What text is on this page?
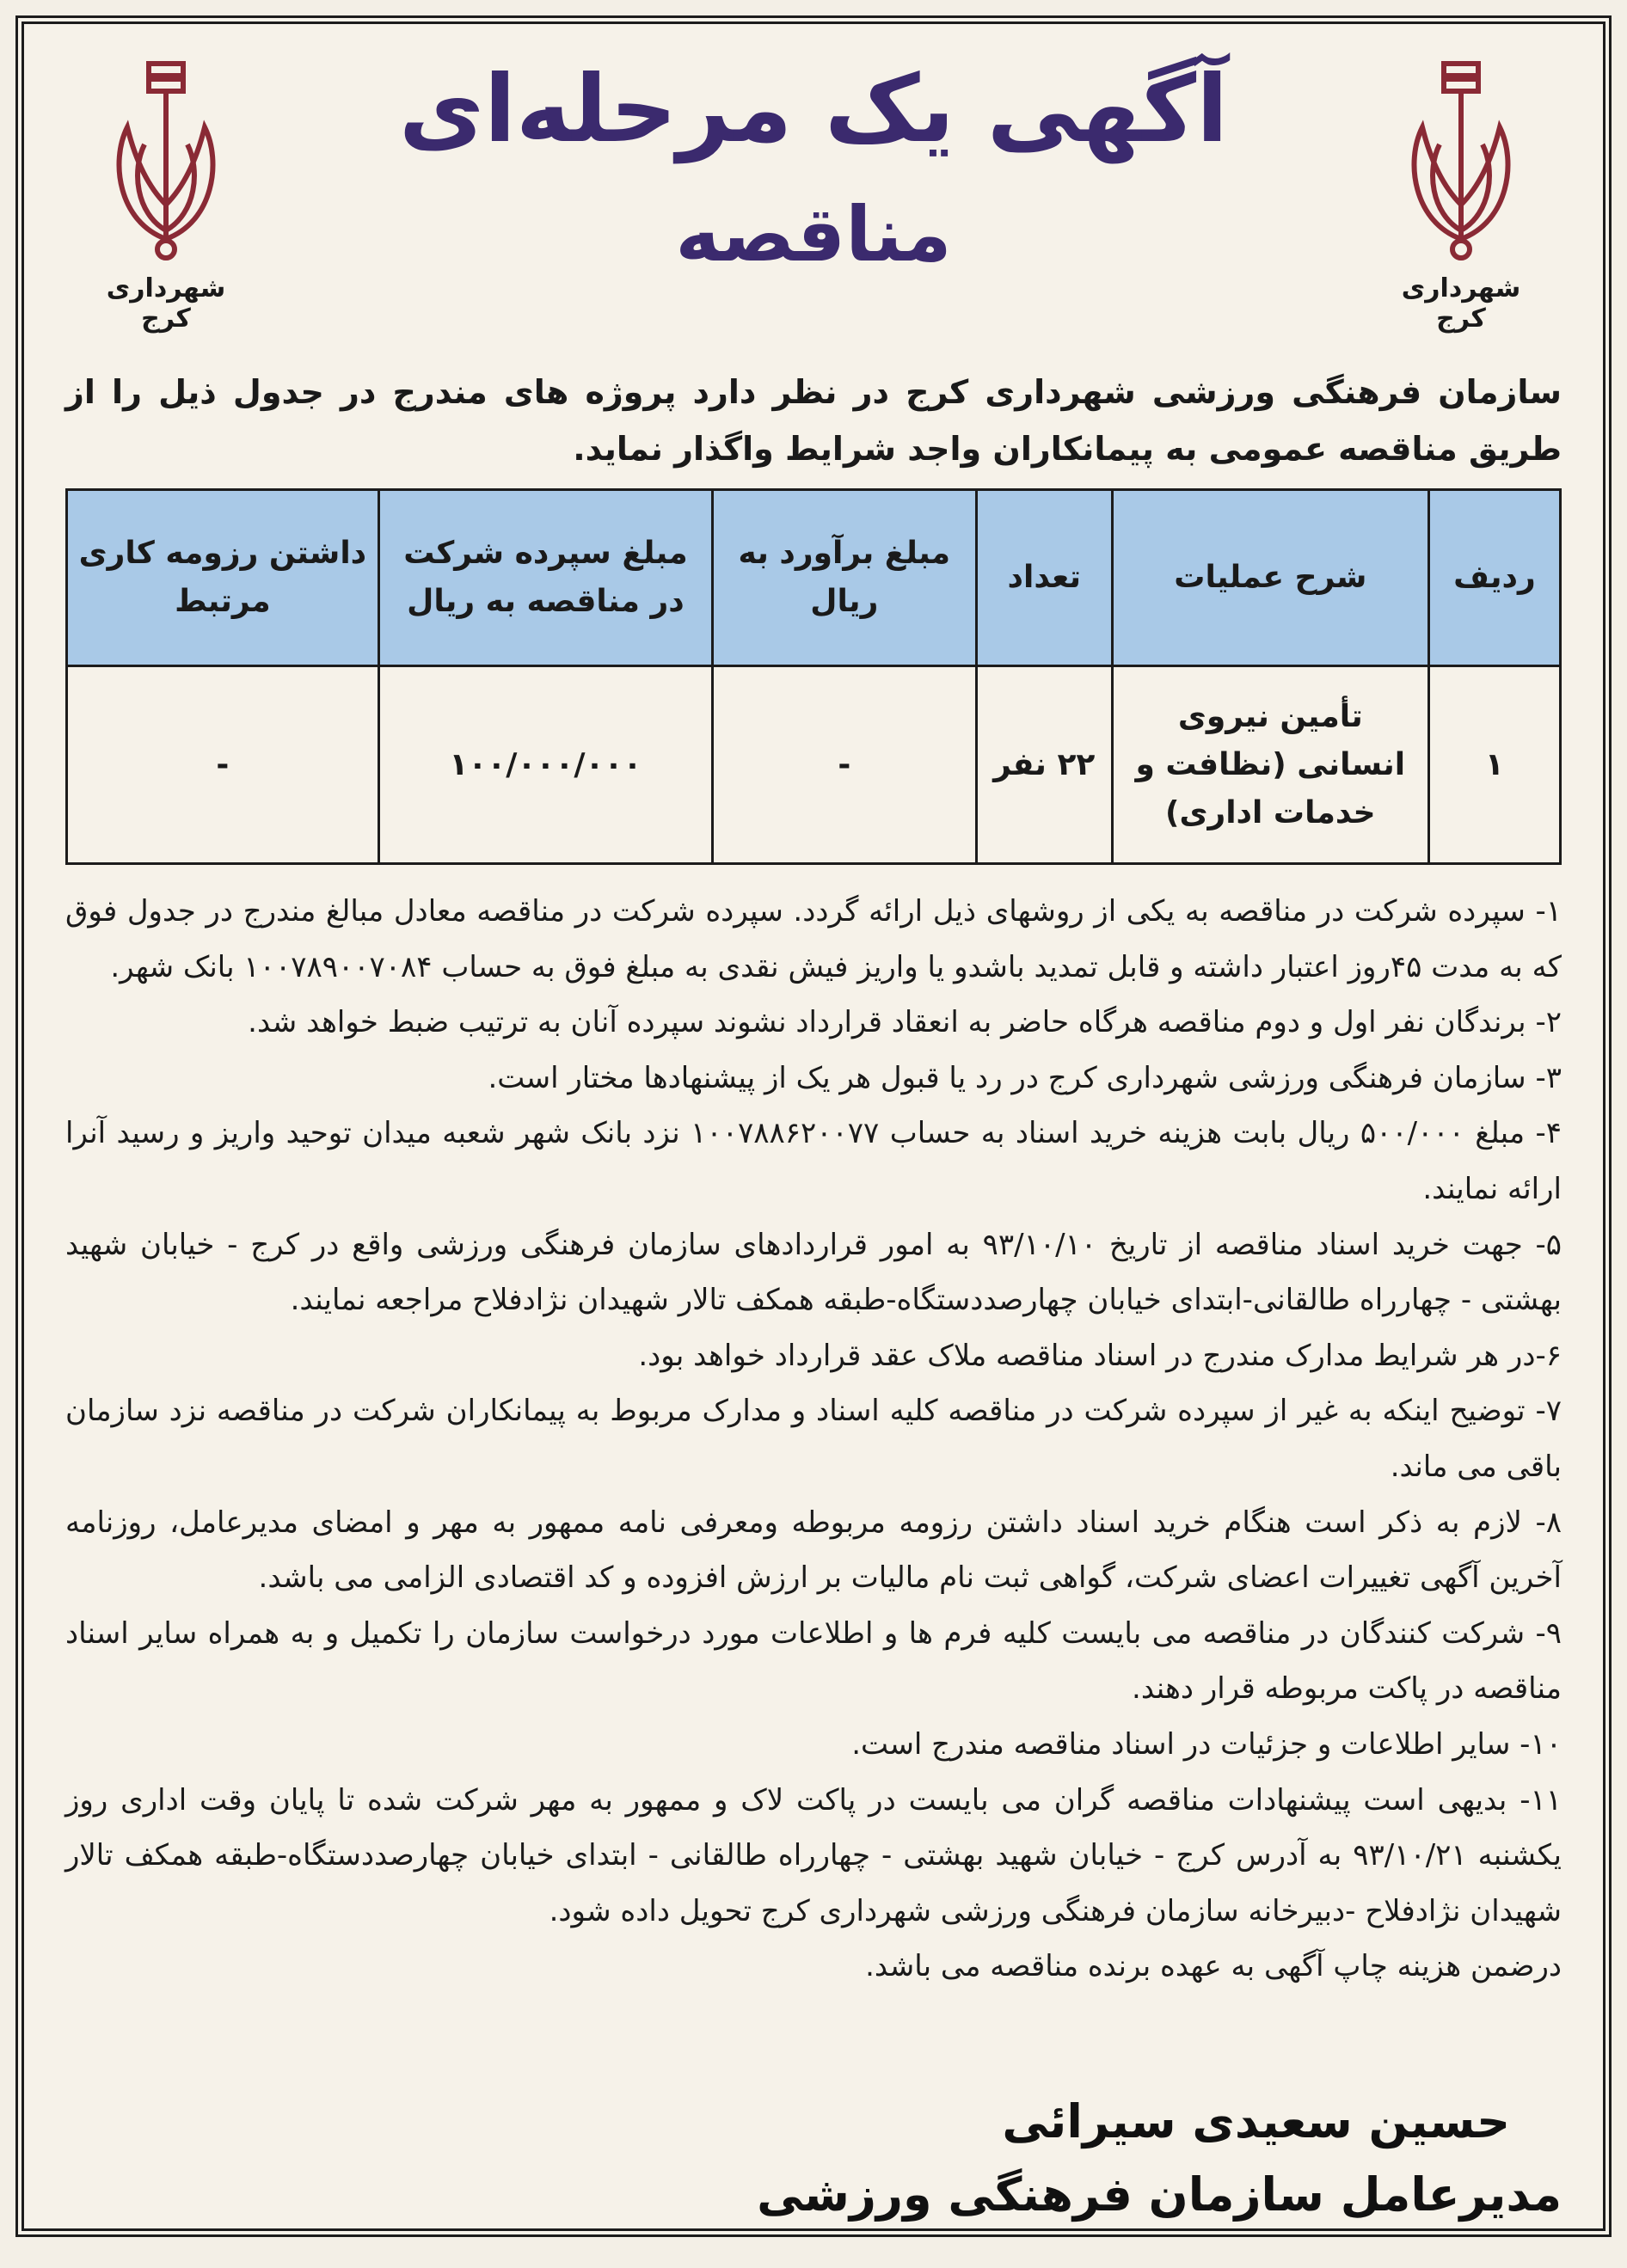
شهرداری کرج
شهرداری کرج
آگهی یک مرحله‌ای
مناقصه
سازمان فرهنگی ورزشی شهرداری کرج در نظر دارد پروژه های مندرج در جدول ذیل را از طریق مناقصه عمومی به پیمانکاران واجد شرایط واگذار نماید.
ردیف	شرح عملیات	تعداد	مبلغ برآورد به ریال	مبلغ سپرده شرکت در مناقصه به ریال	داشتن رزومه کاری مرتبط
۱	تأمین نیروی انسانی (نظافت و خدمات اداری)	۲۲ نفر	-	۱۰۰/۰۰۰/۰۰۰	-

۱- سپرده شرکت در مناقصه به یکی از روشهای ذیل ارائه گردد. سپرده شرکت در مناقصه معادل مبالغ مندرج در جدول فوق که به مدت ۴۵روز اعتبار داشته و قابل تمدید باشدو یا واریز فیش نقدی به مبلغ فوق به حساب ۱۰۰۷۸۹۰۰۷۰۸۴ بانک شهر.

۲- برندگان نفر اول و دوم مناقصه هرگاه حاضر به انعقاد قرارداد نشوند سپرده آنان به ترتیب ضبط خواهد شد.

۳- سازمان فرهنگی ورزشی شهرداری کرج در رد یا قبول هر یک از پیشنهادها مختار است.

۴- مبلغ ۵۰۰/۰۰۰ ریال بابت هزینه خرید اسناد به حساب ۱۰۰۷۸۸۶۲۰۰۷۷ نزد بانک شهر شعبه میدان توحید واریز و رسید آنرا ارائه نمایند.

۵- جهت خرید اسناد مناقصه از تاریخ ۹۳/۱۰/۱۰ به امور قراردادهای سازمان فرهنگی ورزشی واقع در کرج - خیابان شهید بهشتی - چهارراه طالقانی-ابتدای خیابان چهارصددستگاه-طبقه همکف تالار شهیدان نژادفلاح مراجعه نمایند.

۶-در هر شرایط مدارک مندرج در اسناد مناقصه ملاک عقد قرارداد خواهد بود.

۷- توضیح اینکه به غیر از سپرده شرکت در مناقصه کلیه اسناد و مدارک مربوط به پیمانکاران شرکت در مناقصه نزد سازمان باقی می ماند.

۸- لازم به ذکر است هنگام خرید اسناد داشتن رزومه مربوطه ومعرفی نامه ممهور به مهر و امضای مدیرعامل، روزنامه آخرین آگهی تغییرات اعضای شرکت، گواهی ثبت نام مالیات بر ارزش افزوده و کد اقتصادی الزامی می باشد.

۹- شرکت کنندگان در مناقصه می بایست کلیه فرم ها و اطلاعات مورد درخواست سازمان را تکمیل و به همراه سایر اسناد مناقصه در پاکت مربوطه قرار دهند.

۱۰- سایر اطلاعات و جزئیات در اسناد مناقصه مندرج است.

۱۱- بدیهی است پیشنهادات مناقصه گران می بایست در پاکت لاک و ممهور به مهر شرکت شده تا پایان وقت اداری روز یکشنبه ۹۳/۱۰/۲۱ به آدرس کرج - خیابان شهید بهشتی - چهارراه طالقانی - ابتدای خیابان چهارصددستگاه-طبقه همکف تالار شهیدان نژادفلاح -دبیرخانه سازمان فرهنگی ورزشی شهرداری کرج تحویل داده شود.

درضمن هزینه چاپ آگهی به عهده برنده مناقصه می باشد.

حسین سعیدی سیرائی
مدیرعامل سازمان فرهنگی ورزشی
